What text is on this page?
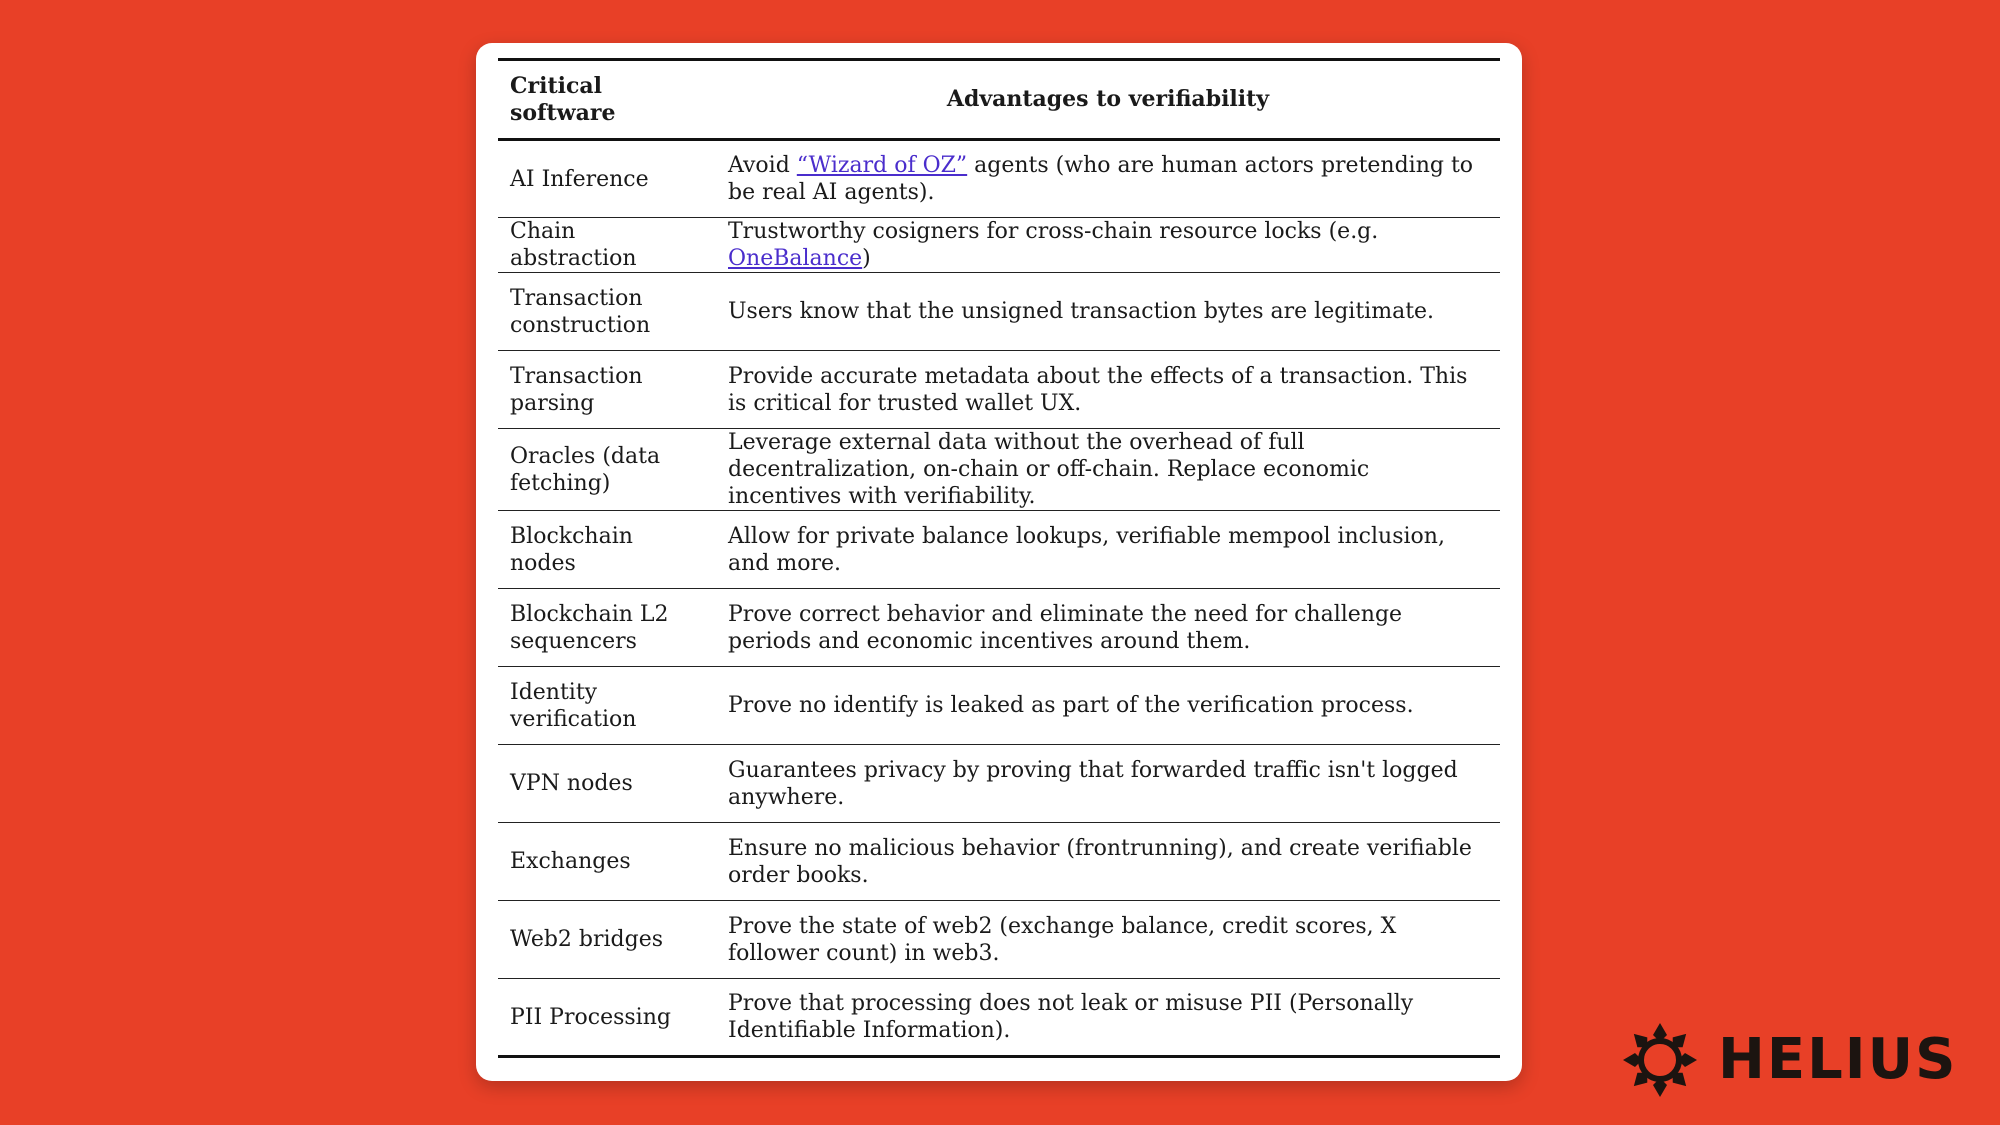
Critical software	Advantages to verifiability
AI Inference	Avoid “Wizard of OZ” agents (who are human actors pretending to be real AI agents).
Chain abstraction	Trustworthy cosigners for cross-chain resource locks (e.g. OneBalance)
Transaction construction	Users know that the unsigned transaction bytes are legitimate.
Transaction parsing	Provide accurate metadata about the effects of a transaction. This is critical for trusted wallet UX.
Oracles (data fetching)	Leverage external data without the overhead of full decentralization, on-chain or off-chain. Replace economic incentives with verifiability.
Blockchain nodes	Allow for private balance lookups, verifiable mempool inclusion, and more.
Blockchain L2 sequencers	Prove correct behavior and eliminate the need for challenge periods and economic incentives around them.
Identity verification	Prove no identify is leaked as part of the verification process.
VPN nodes	Guarantees privacy by proving that forwarded traffic isn't logged anywhere.
Exchanges	Ensure no malicious behavior (frontrunning), and create verifiable order books.
Web2 bridges	Prove the state of web2 (exchange balance, credit scores, X follower count) in web3.
PII Processing	Prove that processing does not leak or misuse PII (Personally Identifiable Information).	HELIUS
